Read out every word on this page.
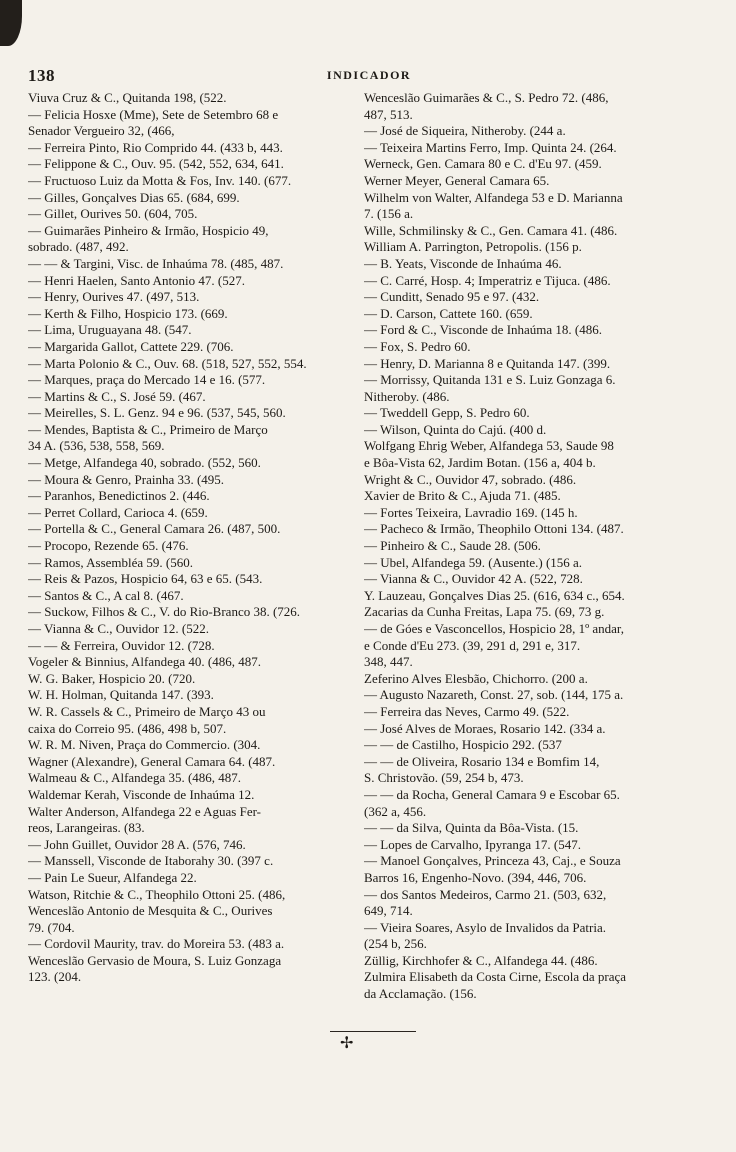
138	INDICADOR
Viuva Cruz & C., Quitanda 198, (522.
— Felicia Hosxe (Mme), Sete de Setembro 68 e
Senador Vergueiro 32, (466,
— Ferreira Pinto, Rio Comprido 44. (433 b, 443.
— Felippone & C., Ouv. 95. (542, 552, 634, 641.
— Fructuoso Luiz da Motta & Fos, Inv. 140. (677.
— Gilles, Gonçalves Dias 65. (684, 699.
— Gillet, Ourives 50. (604, 705.
— Guimarães Pinheiro & Irmão, Hospicio 49,
sobrado. (487, 492.
— — & Targini, Visc. de Inhaúma 78. (485, 487.
— Henri Haelen, Santo Antonio 47. (527.
— Henry, Ourives 47. (497, 513.
— Kerth & Filho, Hospicio 173. (669.
— Lima, Uruguayana 48. (547.
— Margarida Gallot, Cattete 229. (706.
— Marta Polonio & C., Ouv. 68. (518, 527, 552, 554.
— Marques, praça do Mercado 14 e 16. (577.
— Martins & C., S. José 59. (467.
— Meirelles, S. L. Genz. 94 e 96. (537, 545, 560.
— Mendes, Baptista & C., Primeiro de Março
34 A. (536, 538, 558, 569.
— Metge, Alfandega 40, sobrado. (552, 560.
— Moura & Genro, Prainha 33. (495.
— Paranhos, Benedictinos 2. (446.
— Perret Collard, Carioca 4. (659.
— Portella & C., General Camara 26. (487, 500.
— Procopo, Rezende 65. (476.
— Ramos, Assembléa 59. (560.
— Reis & Pazos, Hospicio 64, 63 e 65. (543.
— Santos & C., A cal 8. (467.
— Suckow, Filhos & C., V. do Rio-Branco 38. (726.
— Vianna & C., Ouvidor 12. (522.
— — & Ferreira, Ouvidor 12. (728.
Vogeler & Binnius, Alfandega 40. (486, 487.
W. G. Baker, Hospicio 20. (720.
W. H. Holman, Quitanda 147. (393.
W. R. Cassels & C., Primeiro de Março 43 ou
caixa do Correio 95. (486, 498 b, 507.
W. R. M. Niven, Praça do Commercio. (304.
Wagner (Alexandre), General Camara 64. (487.
Walmeau & C., Alfandega 35. (486, 487.
Waldemar Kerah, Visconde de Inhaúma 12.
Walter Anderson, Alfandega 22 e Aguas Fer-
reos, Larangeiras. (83.
— John Guillet, Ouvidor 28 A. (576, 746.
— Manssell, Visconde de Itaborahy 30. (397 c.
— Pain Le Sueur, Alfandega 22.
Watson, Ritchie & C., Theophilo Ottoni 25. (486,
Wenceslão Antonio de Mesquita & C., Ourives
79. (704.
— Cordovil Maurity, trav. do Moreira 53. (483 a.
Wenceslão Gervasio de Moura, S. Luiz Gonzaga
123. (204.
Wenceslão Guimarães & C., S. Pedro 72. (486,
487, 513.
— José de Siqueira, Nitheroby. (244 a.
— Teixeira Martins Ferro, Imp. Quinta 24. (264.
Werneck, Gen. Camara 80 e C. d'Eu 97. (459.
Werner Meyer, General Camara 65.
Wilhelm von Walter, Alfandega 53 e D. Marianna
7. (156 a.
Wille, Schmilinsky & C., Gen. Camara 41. (486.
William A. Parrington, Petropolis. (156 p.
— B. Yeats, Visconde de Inhaúma 46.
— C. Carré, Hosp. 4; Imperatriz e Tijuca. (486.
— Cunditt, Senado 95 e 97. (432.
— D. Carson, Cattete 160. (659.
— Ford & C., Visconde de Inhaúma 18. (486.
— Fox, S. Pedro 60.
— Henry, D. Marianna 8 e Quitanda 147. (399.
— Morrissy, Quitanda 131 e S. Luiz Gonzaga 6.
Nitheroby. (486.
— Tweddell Gepp, S. Pedro 60.
— Wilson, Quinta do Cajú. (400 d.
Wolfgang Ehrig Weber, Alfandega 53, Saude 98
e Bôa-Vista 62, Jardim Botan. (156 a, 404 b.
Wright & C., Ouvidor 47, sobrado. (486.
Xavier de Brito & C., Ajuda 71. (485.
— Fortes Teixeira, Lavradio 169. (145 h.
— Pacheco & Irmão, Theophilo Ottoni 134. (487.
— Pinheiro & C., Saude 28. (506.
— Ubel, Alfandega 59. (Ausente.) (156 a.
— Vianna & C., Ouvidor 42 A. (522, 728.
Y. Lauzeau, Gonçalves Dias 25. (616, 634 c., 654.
Zacarias da Cunha Freitas, Lapa 75. (69, 73 g.
— de Góes e Vasconcellos, Hospicio 28, 1º andar,
e Conde d'Eu 273. (39, 291 d, 291 e, 317.
348, 447.
Zeferino Alves Elesbão, Chichorro. (200 a.
— Augusto Nazareth, Const. 27, sob. (144, 175 a.
— Ferreira das Neves, Carmo 49. (522.
— José Alves de Moraes, Rosario 142. (334 a.
— — de Castilho, Hospicio 292. (537
— — de Oliveira, Rosario 134 e Bomfim 14,
S. Christovão. (59, 254 b, 473.
— — da Rocha, General Camara 9 e Escobar 65.
(362 a, 456.
— — da Silva, Quinta da Bôa-Vista. (15.
— Lopes de Carvalho, Ipyranga 17. (547.
— Manoel Gonçalves, Princeza 43, Caj., e Souza
Barros 16, Engenho-Novo. (394, 446, 706.
— dos Santos Medeiros, Carmo 21. (503, 632,
649, 714.
— Vieira Soares, Asylo de Invalidos da Patria.
(254 b, 256.
Züllig, Kirchhofer & C., Alfandega 44. (486.
Zulmira Elisabeth da Costa Cirne, Escola da praça
da Acclamação. (156.
✢
